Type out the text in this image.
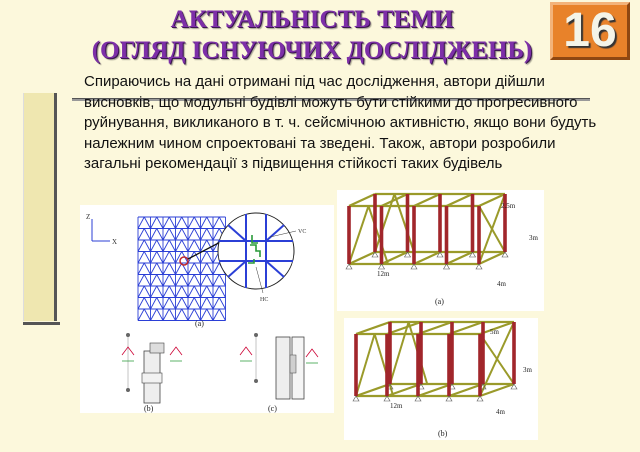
АКТУАЛЬНІСТЬ ТЕМИ
(ОГЛЯД ІСНУЮЧИХ ДОСЛІДЖЕНЬ) 16
Спираючись на дані отримані під час дослідження, автори дійшли висновків, що модульні будівлі можуть бути стійкими до прогресивного руйнування, викликаного в т. ч. сейсмічною активністю, якщо вони будуть належним чином спроектовані та зведені. Також, автори розробили загальні рекомендації з підвищення стійкості таких будівель
Z
X
VC
HC
(a)
(b)	(c)
2.5m
3m
12m
4m
(a)
5m
3m
12m
4m
(b)
